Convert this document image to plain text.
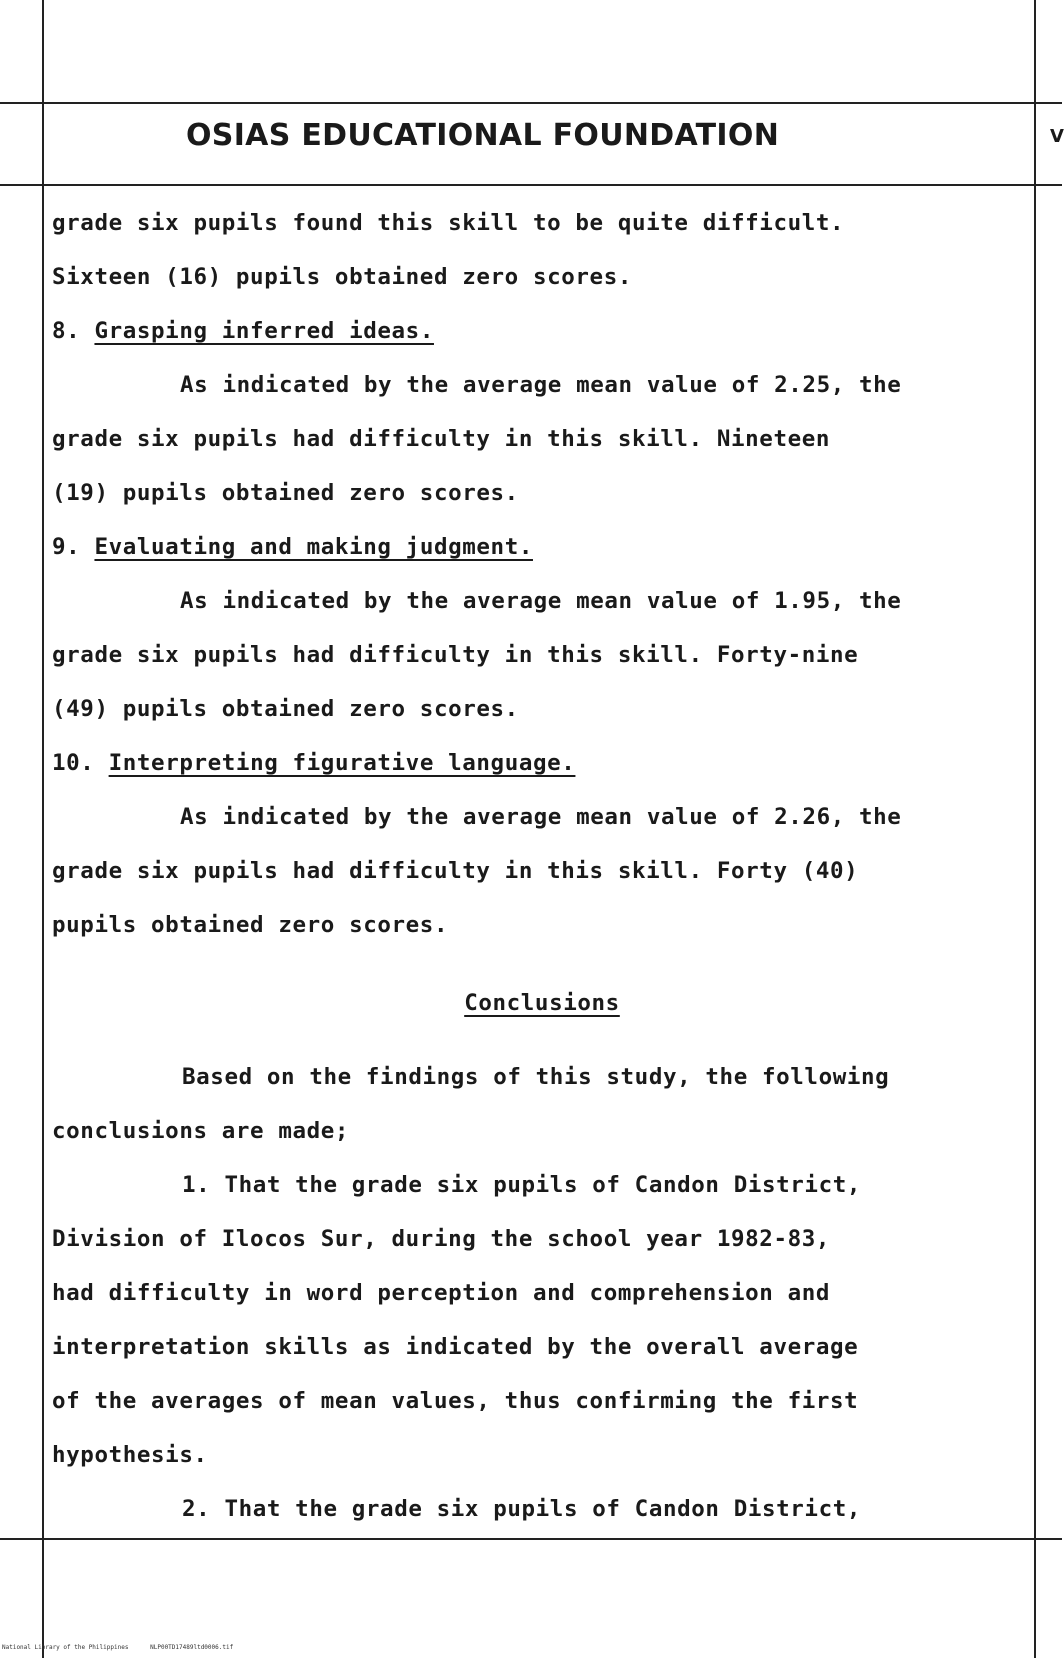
OSIAS EDUCATIONAL FOUNDATION	V

grade six pupils found this skill to be quite difficult.

Sixteen (16) pupils obtained zero scores.

8. Grasping inferred ideas.

As indicated by the average mean value of 2.25, the

grade six pupils had difficulty in this skill. Nineteen

(19) pupils obtained zero scores.

9. Evaluating and making judgment.

As indicated by the average mean value of 1.95, the

grade six pupils had difficulty in this skill. Forty-nine

(49) pupils obtained zero scores.

10. Interpreting figurative language.

As indicated by the average mean value of 2.26, the

grade six pupils had difficulty in this skill. Forty (40)

pupils obtained zero scores.

Conclusions

Based on the findings of this study, the following

conclusions are made;

1. That the grade six pupils of Candon District,

Division of Ilocos Sur, during the school year 1982-83,

had difficulty in word perception and comprehension and

interpretation skills as indicated by the overall average

of the averages of mean values, thus confirming the first

hypothesis.

2. That the grade six pupils of Candon District,

National Library of the Philippines	NLP00TD17489ltd0006.tif
